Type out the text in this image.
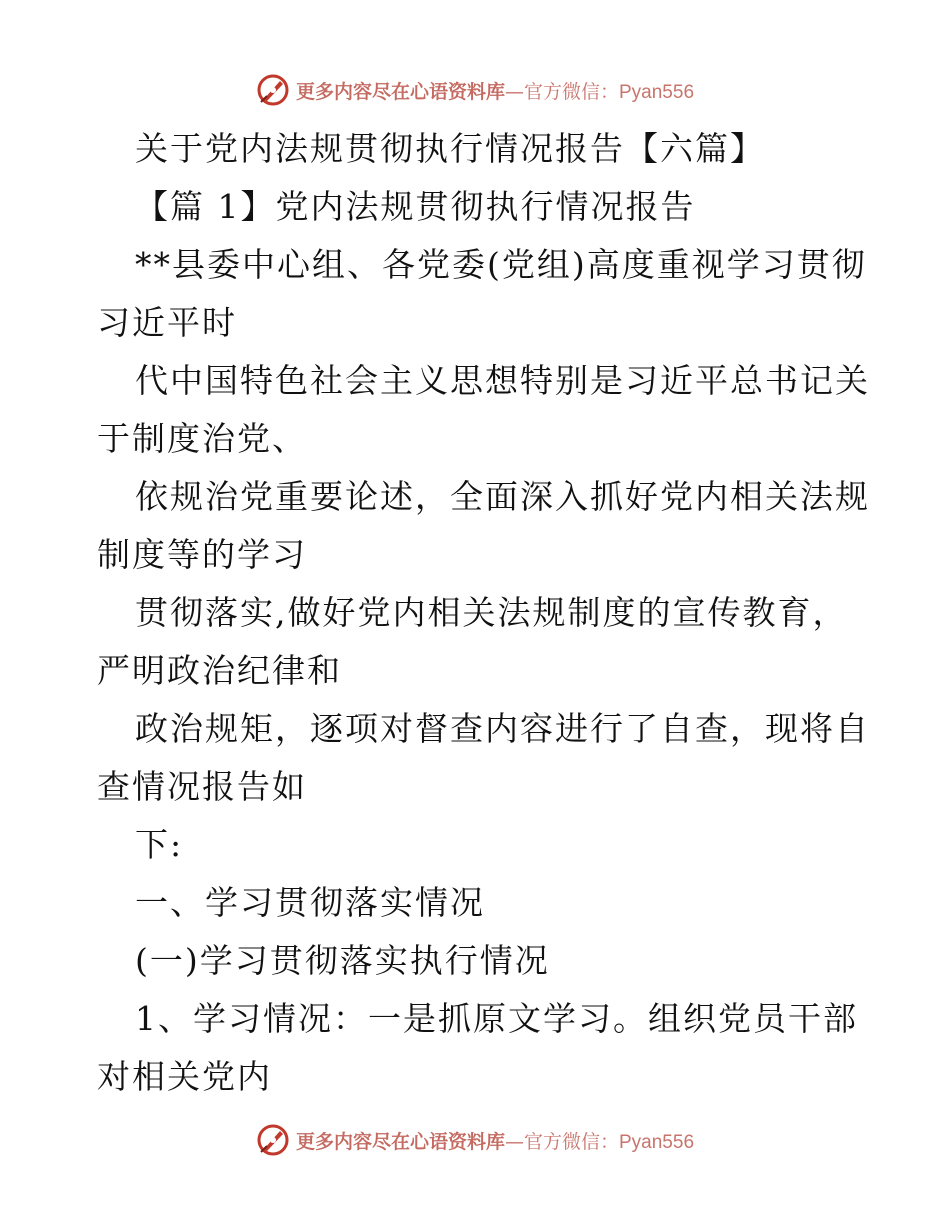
更多内容尽在心语资料库—官方微信：Pyan556
关于党内法规贯彻执行情况报告【六篇】
【篇 1】党内法规贯彻执行情况报告
**县委中心组、各党委(党组)高度重视学习贯彻
习近平时
代中国特色社会主义思想特别是习近平总书记关
于制度治党、
依规治党重要论述，全面深入抓好党内相关法规
制度等的学习
贯彻落实,做好党内相关法规制度的宣传教育，
严明政治纪律和
政治规矩，逐项对督查内容进行了自查，现将自
查情况报告如
下:
一、学习贯彻落实情况
(一)学习贯彻落实执行情况
1、学习情况：一是抓原文学习。组织党员干部
对相关党内
更多内容尽在心语资料库—官方微信：Pyan556
